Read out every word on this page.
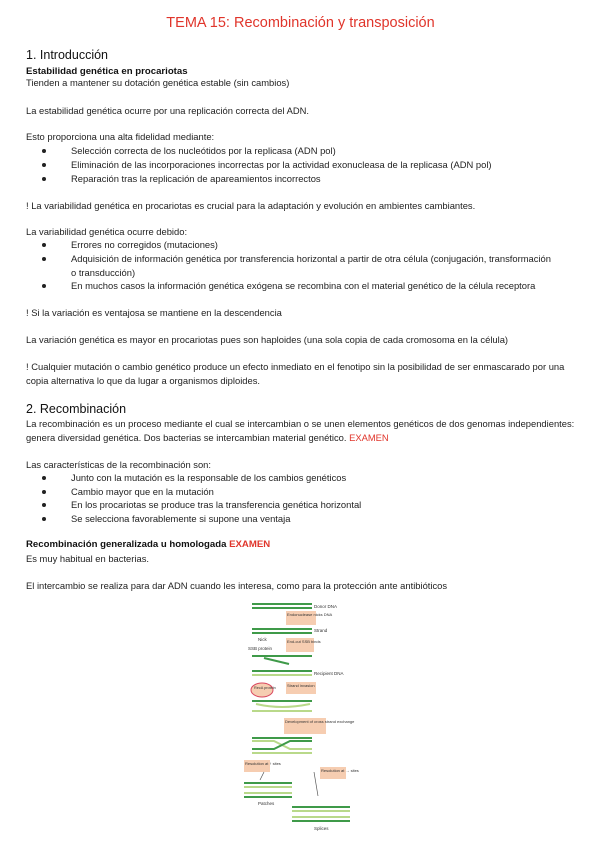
TEMA 15: Recombinación y transposición
1. Introducción
Estabilidad genética en procariotas
Tienden a mantener su dotación genética estable (sin cambios)
La estabilidad genética ocurre por una replicación correcta del ADN.
Esto proporciona una alta fidelidad mediante:
Selección correcta de los nucleótidos por la replicasa (ADN pol)
Eliminación de las incorporaciones incorrectas por la actividad exonucleasa de la replicasa (ADN pol)
Reparación tras la replicación de apareamientos incorrectos
! La variabilidad genética en procariotas es crucial para la adaptación y evolución en ambientes cambiantes.
La variabilidad genética ocurre debido:
Errores no corregidos (mutaciones)
Adquisición de información genética por transferencia horizontal a partir de otra célula (conjugación, transformación o transducción)
En muchos casos la información genética exógena se recombina con el material genético de la célula receptora
! Si la variación es ventajosa se mantiene en la descendencia
La variación genética es mayor en procariotas pues son haploides (una sola copia de cada cromosoma en la célula)
! Cualquier mutación o cambio genético produce un efecto inmediato en el fenotipo sin la posibilidad de ser enmascarado por una copia alternativa lo que da lugar a organismos diploides.
2. Recombinación
La recombinación es un proceso mediante el cual se intercambian o se unen elementos genéticos de dos genomas independientes: genera diversidad genética. Dos bacterias se intercambian material genético. EXAMEN
Las características de la recombinación son:
Junto con la mutación es la responsable de los cambios genéticos
Cambio mayor que en la mutación
En los procariotas se produce tras la transferencia genética horizontal
Se selecciona favorablemente si supone una ventaja
Recombinación generalizada u homologada EXAMEN
Es muy habitual en bacterias.
El intercambio se realiza para dar ADN cuando les interesa, como para la protección ante antibióticos
Donor DNA
Endonuclease nicks DNA
Strand
Nick
SSB protein
End-cut SSB binds
Recipient DNA
RecA protein	Strand invasion
Development of cross strand exchange
Resolution at ↑ sites
Resolution at → sites
Patches
Splices
